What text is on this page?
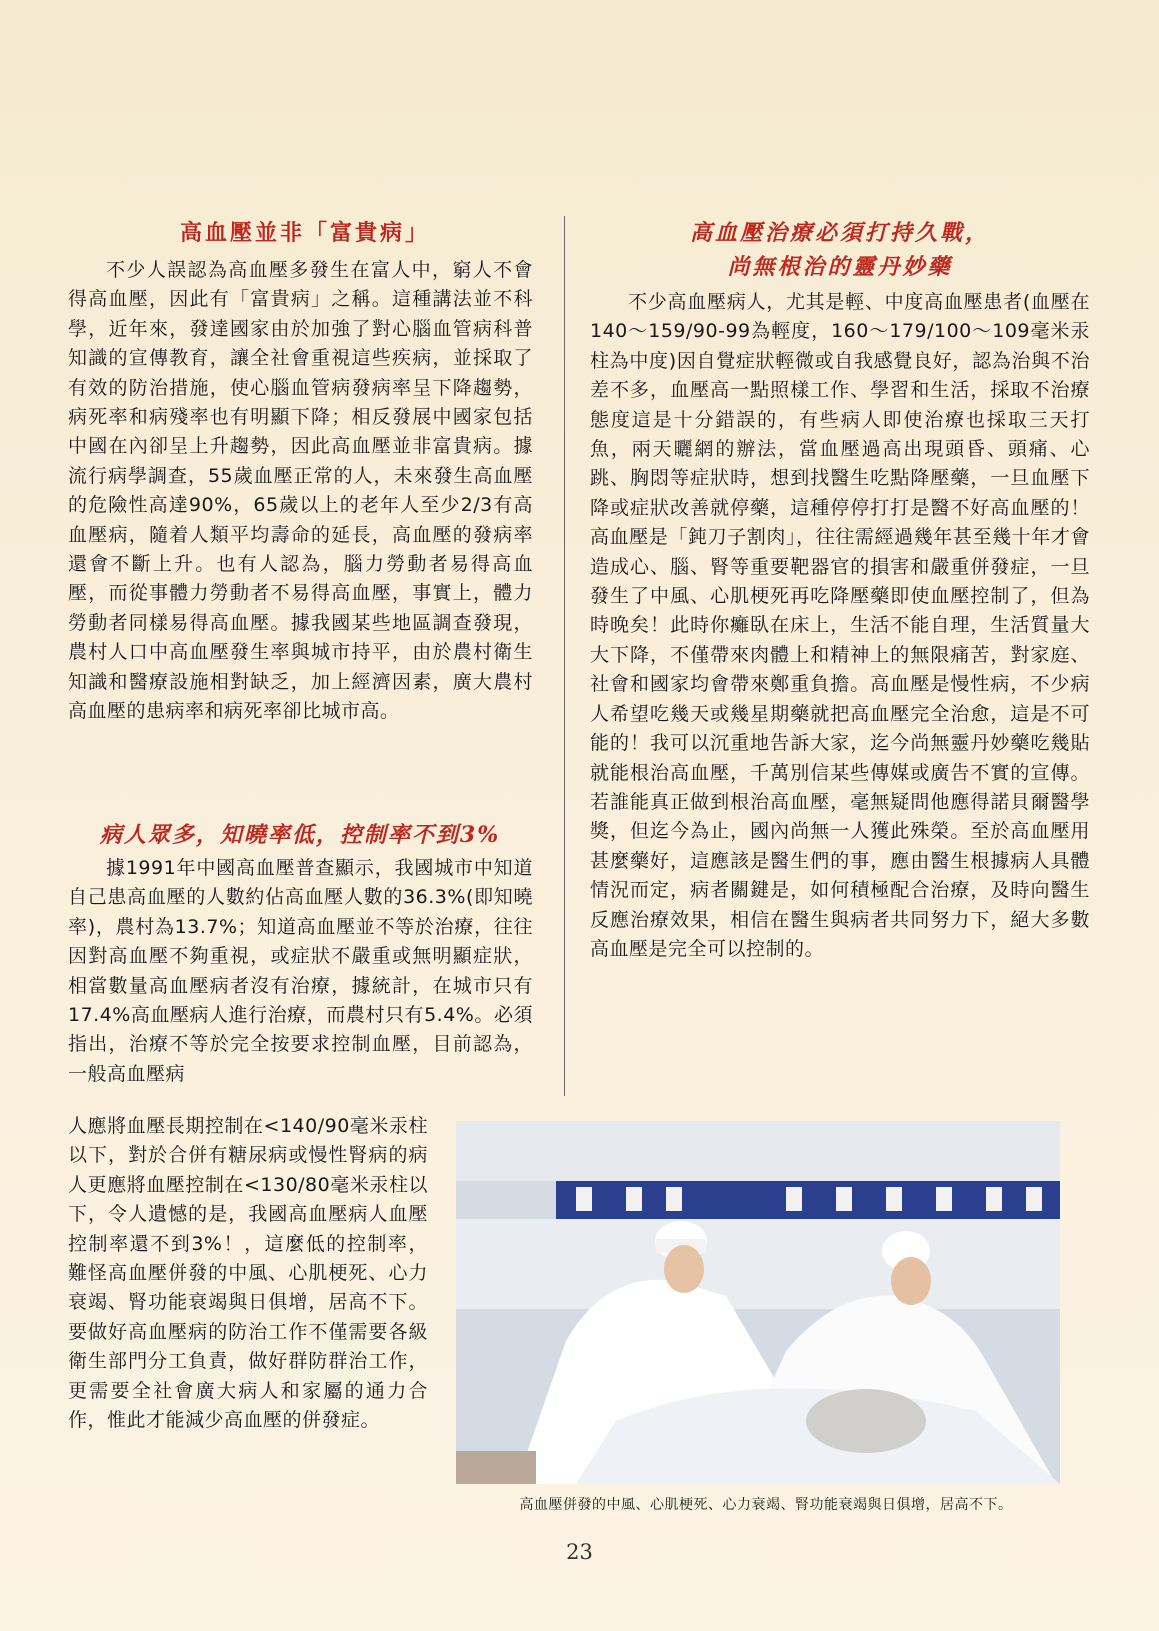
高血壓並非「富貴病」

不少人誤認為高血壓多發生在富人中，窮人不會得高血壓，因此有「富貴病」之稱。這種講法並不科學，近年來，發達國家由於加強了對心腦血管病科普知識的宣傳教育，讓全社會重視這些疾病，並採取了有效的防治措施，使心腦血管病發病率呈下降趨勢，病死率和病殘率也有明顯下降；相反發展中國家包括中國在內卻呈上升趨勢，因此高血壓並非富貴病。據流行病學調查，55歲血壓正常的人，未來發生高血壓的危險性高達90%，65歲以上的老年人至少2/3有高血壓病，隨着人類平均壽命的延長，高血壓的發病率還會不斷上升。也有人認為，腦力勞動者易得高血壓，而從事體力勞動者不易得高血壓，事實上，體力勞動者同樣易得高血壓。據我國某些地區調查發現，農村人口中高血壓發生率與城市持平，由於農村衛生知識和醫療設施相對缺乏，加上經濟因素，廣大農村高血壓的患病率和病死率卻比城市高。

病人眾多，知曉率低，控制率不到3%

據1991年中國高血壓普查顯示，我國城市中知道自己患高血壓的人數約佔高血壓人數的36.3%(即知曉率)，農村為13.7%；知道高血壓並不等於治療，往往因對高血壓不夠重視，或症狀不嚴重或無明顯症狀，相當數量高血壓病者沒有治療，據統計，在城市只有17.4%高血壓病人進行治療，而農村只有5.4%。必須指出，治療不等於完全按要求控制血壓，目前認為，一般高血壓病

人應將血壓長期控制在<140/90毫米汞柱以下，對於合併有糖尿病或慢性腎病的病人更應將血壓控制在<130/80毫米汞柱以下，令人遺憾的是，我國高血壓病人血壓控制率還不到3%！，這麼低的控制率，難怪高血壓併發的中風、心肌梗死、心力衰竭、腎功能衰竭與日俱增，居高不下。要做好高血壓病的防治工作不僅需要各級衛生部門分工負責，做好群防群治工作，更需要全社會廣大病人和家屬的通力合作，惟此才能減少高血壓的併發症。

高血壓治療必須打持久戰，
尚無根治的靈丹妙藥

不少高血壓病人，尤其是輕、中度高血壓患者(血壓在140～159/90-99為輕度，160～179/100～109毫米汞柱為中度)因自覺症狀輕微或自我感覺良好，認為治與不治差不多，血壓高一點照樣工作、學習和生活，採取不治療態度這是十分錯誤的，有些病人即使治療也採取三天打魚，兩天曬網的辦法，當血壓過高出現頭昏、頭痛、心跳、胸悶等症狀時，想到找醫生吃點降壓藥，一旦血壓下降或症狀改善就停藥，這種停停打打是醫不好高血壓的！高血壓是「鈍刀子割肉」，往往需經過幾年甚至幾十年才會造成心、腦、腎等重要靶器官的損害和嚴重併發症，一旦發生了中風、心肌梗死再吃降壓藥即使血壓控制了，但為時晚矣！此時你癱臥在床上，生活不能自理，生活質量大大下降，不僅帶來肉體上和精神上的無限痛苦，對家庭、社會和國家均會帶來鄭重負擔。高血壓是慢性病，不少病人希望吃幾天或幾星期藥就把高血壓完全治愈，這是不可能的！我可以沉重地告訴大家，迄今尚無靈丹妙藥吃幾貼就能根治高血壓，千萬別信某些傳媒或廣告不實的宣傳。若誰能真正做到根治高血壓，毫無疑問他應得諾貝爾醫學獎，但迄今為止，國內尚無一人獲此殊榮。至於高血壓用甚麼藥好，這應該是醫生們的事，應由醫生根據病人具體情況而定，病者關鍵是，如何積極配合治療，及時向醫生反應治療效果，相信在醫生與病者共同努力下，絕大多數高血壓是完全可以控制的。

高血壓併發的中風、心肌梗死、心力衰竭、腎功能衰竭與日俱增，居高不下。

23
